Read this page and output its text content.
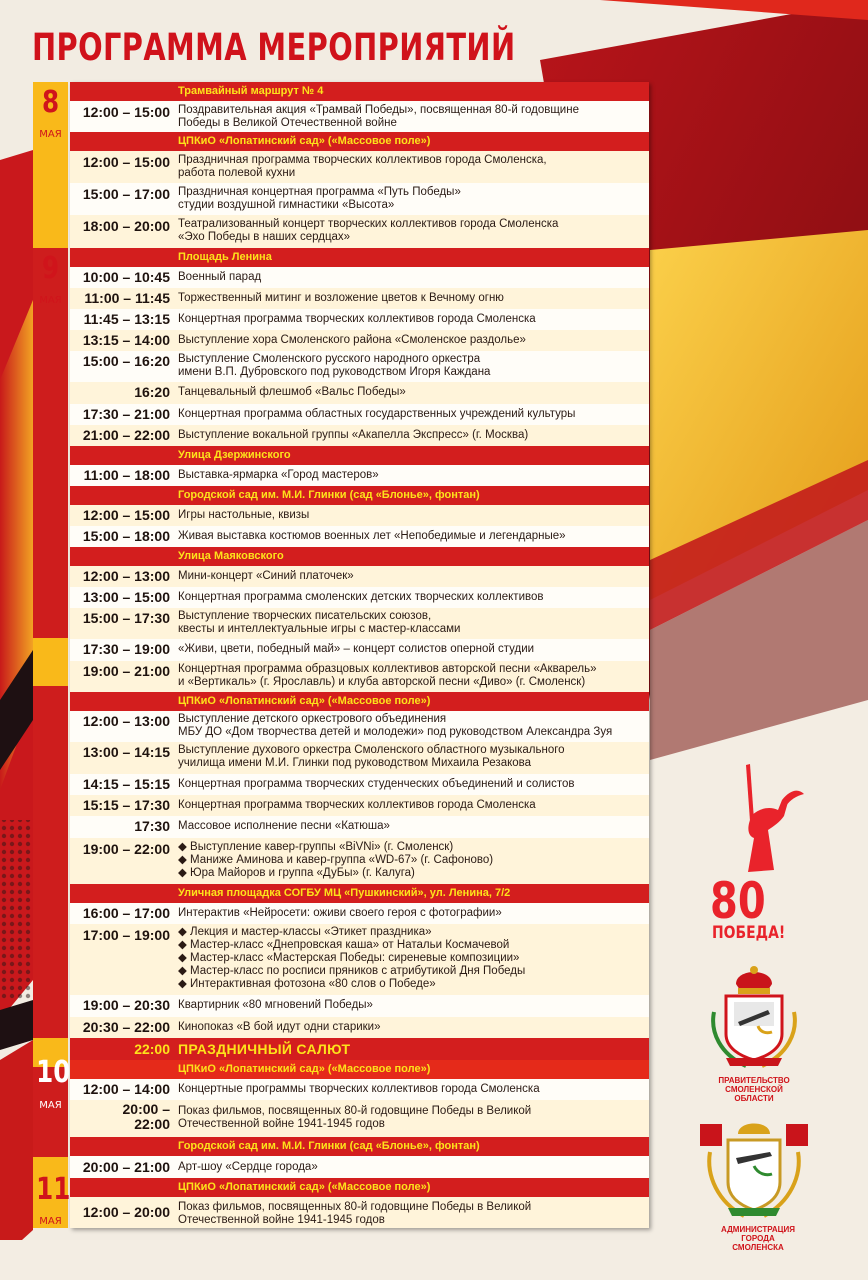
ПРОГРАММА МЕРОПРИЯТИЙ
8
МАЯ
9
МАЯ
10
МАЯ
11
МАЯ
Трамвайный маршрут № 4
12:00 – 15:00 Поздравительная акция «Трамвай Победы», посвященная 80-й годовщине
Победы в Великой Отечественной войне
ЦПКиО «Лопатинский сад» («Массовое поле»)
12:00 – 15:00 Праздничная программа творческих коллективов города Смоленска,
работа полевой кухни
15:00 – 17:00 Праздничная концертная программа «Путь Победы»
студии воздушной гимнастики «Высота»
18:00 – 20:00 Театрализованный концерт творческих коллективов города Смоленска
«Эхо Победы в наших сердцах»
Площадь Ленина
10:00 – 10:45 Военный парад
11:00 – 11:45 Торжественный митинг и возложение цветов к Вечному огню
11:45 – 13:15 Концертная программа творческих коллективов города Смоленска
13:15 – 14:00 Выступление хора Смоленского района «Смоленское раздолье»
15:00 – 16:20 Выступление Смоленского русского народного оркестра
имени В.П. Дубровского под руководством Игоря Каждана
16:20 Танцевальный флешмоб «Вальс Победы»
17:30 – 21:00 Концертная программа областных государственных учреждений культуры
21:00 – 22:00 Выступление вокальной группы «Акапелла Экспресс» (г. Москва)
Улица Дзержинского
11:00 – 18:00 Выставка-ярмарка «Город мастеров»
Городской сад им. М.И. Глинки (сад «Блонье», фонтан)
12:00 – 15:00 Игры настольные, квизы
15:00 – 18:00 Живая выставка костюмов военных лет «Непобедимые и легендарные»
Улица Маяковского
12:00 – 13:00 Мини-концерт «Синий платочек»
13:00 – 15:00 Концертная программа смоленских детских творческих коллективов
15:00 – 17:30 Выступление творческих писательских союзов,
квесты и интеллектуальные игры с мастер-классами
17:30 – 19:00 «Живи, цвети, победный май» – концерт солистов оперной студии
19:00 – 21:00 Концертная программа образцовых коллективов авторской песни «Акварель»
и «Вертикаль» (г. Ярославль) и клуба авторской песни «Диво» (г. Смоленск)
ЦПКиО «Лопатинский сад» («Массовое поле»)
12:00 – 13:00 Выступление детского оркестрового объединения
МБУ ДО «Дом творчества детей и молодежи» под руководством Александра Зуя
13:00 – 14:15 Выступление духового оркестра Смоленского областного музыкального
училища имени М.И. Глинки под руководством Михаила Резакова
14:15 – 15:15 Концертная программа творческих студенческих объединений и солистов
15:15 – 17:30 Концертная программа творческих коллективов города Смоленска
17:30 Массовое исполнение песни «Катюша»
19:00 – 22:00 ◆ Выступление кавер-группы «BiVNi» (г. Смоленск)
◆ Маниже Аминова и кавер-группа «WD-67» (г. Сафоново)
◆ Юра Майоров и группа «ДуБы» (г. Калуга)
Уличная площадка СОГБУ МЦ «Пушкинский», ул. Ленина, 7/2
16:00 – 17:00 Интерактив «Нейросети: оживи своего героя с фотографии»
17:00 – 19:00 ◆ Лекция и мастер-классы «Этикет праздника»
◆ Мастер-класс «Днепровская каша» от Натальи Космачевой
◆ Мастер-класс «Мастерская Победы: сиреневые композиции»
◆ Мастер-класс по росписи пряников с атрибутикой Дня Победы
◆ Интерактивная фотозона «80 слов о Победе»
19:00 – 20:30 Квартирник «80 мгновений Победы»
20:30 – 22:00 Кинопоказ «В бой идут одни старики»
22:00 ПРАЗДНИЧНЫЙ САЛЮТ
ЦПКиО «Лопатинский сад» («Массовое поле»)
12:00 – 14:00 Концертные программы творческих коллективов города Смоленска
20:00 – 22:00
Показ фильмов, посвященных 80-й годовщине Победы в Великой
Отечественной войне 1941-1945 годов
Городской сад им. М.И. Глинки (сад «Блонье», фонтан)
20:00 – 21:00 Арт-шоу «Сердце города»
ЦПКиО «Лопатинский сад» («Массовое поле»)
12:00 – 20:00 Показ фильмов, посвященных 80-й годовщине Победы в Великой
Отечественной войне 1941-1945 годов
80
ПОБЕДА!
ПРАВИТЕЛЬСТВО
СМОЛЕНСКОЙ
ОБЛАСТИ
АДМИНИСТРАЦИЯ
ГОРОДА
СМОЛЕНСКА
